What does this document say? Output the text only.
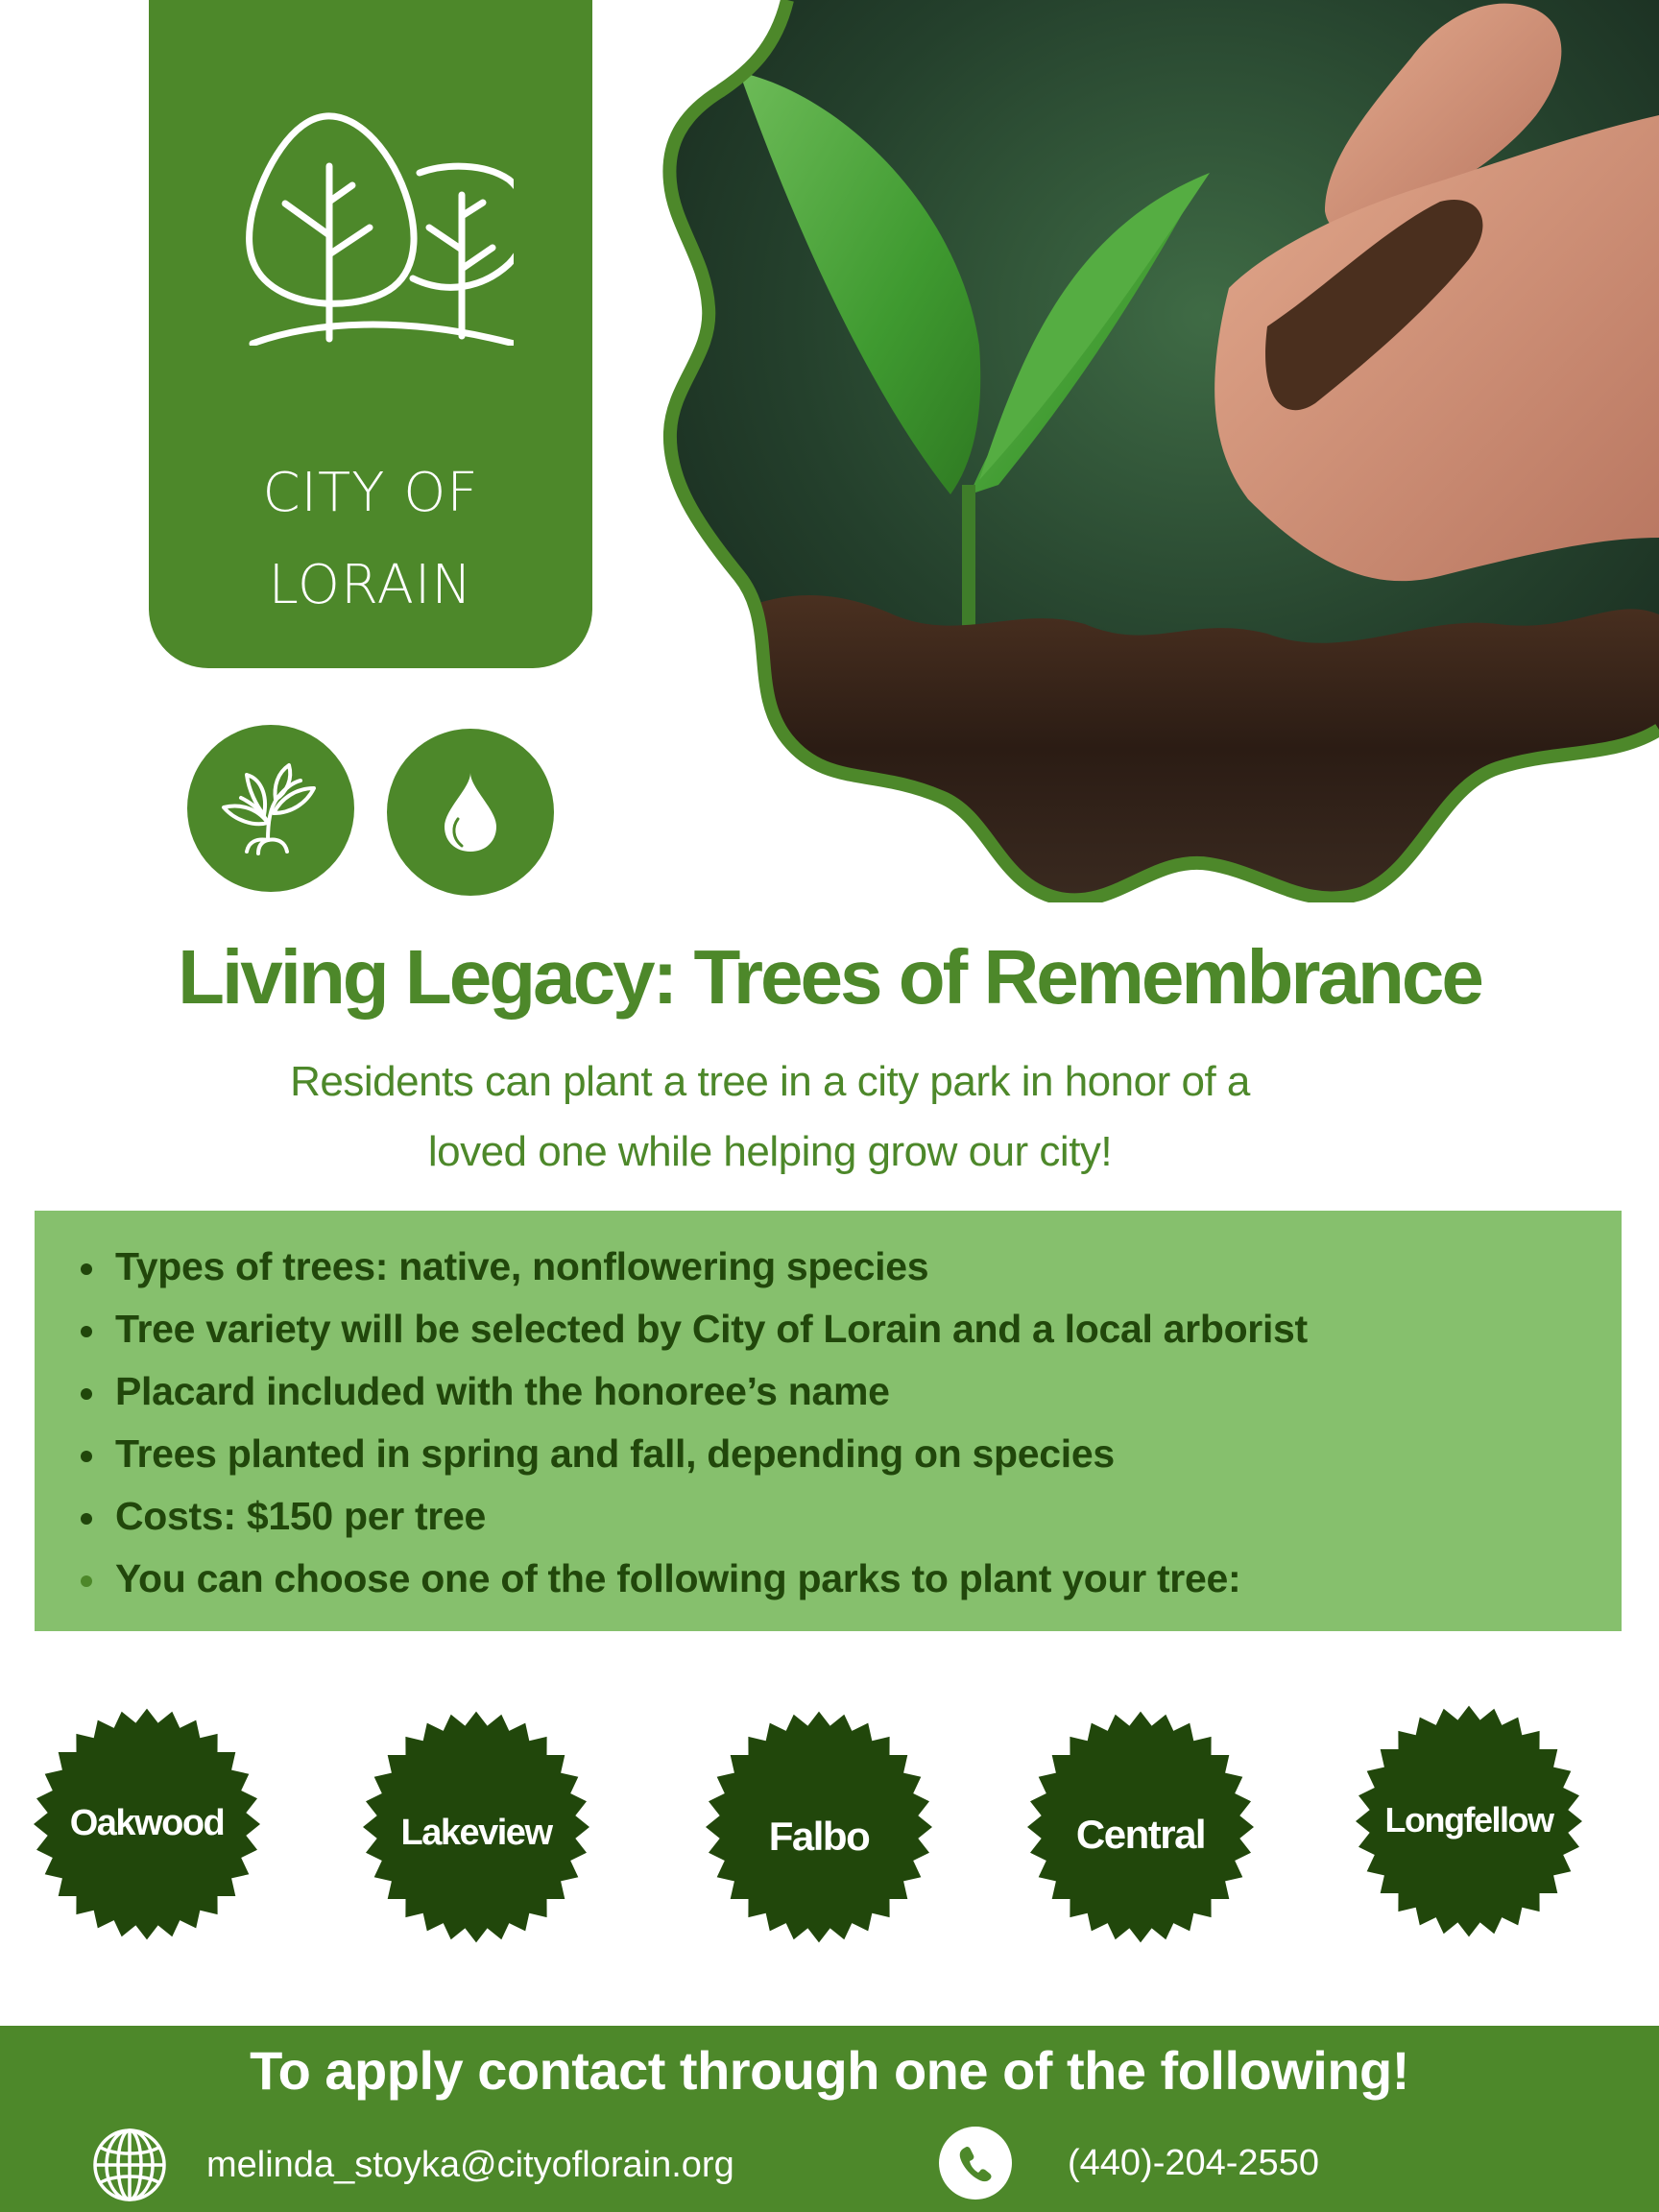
CITY OF
LORAIN
Living Legacy: Trees of Remembrance

Residents can plant a tree in a city park in honor of a

loved one while helping grow our city!

Types of trees: native, nonflowering species
Tree variety will be selected by City of Lorain and a local arborist
Placard included with the honoree’s name
Trees planted in spring and fall, depending on species
Costs: $150 per tree
You can choose one of the following parks to plant your tree:
Oakwood	Lakeview	Falbo	Central	Longfellow
To apply contact through one of the following!
melinda_stoyka@cityoflorain.org	(440)-204-2550
